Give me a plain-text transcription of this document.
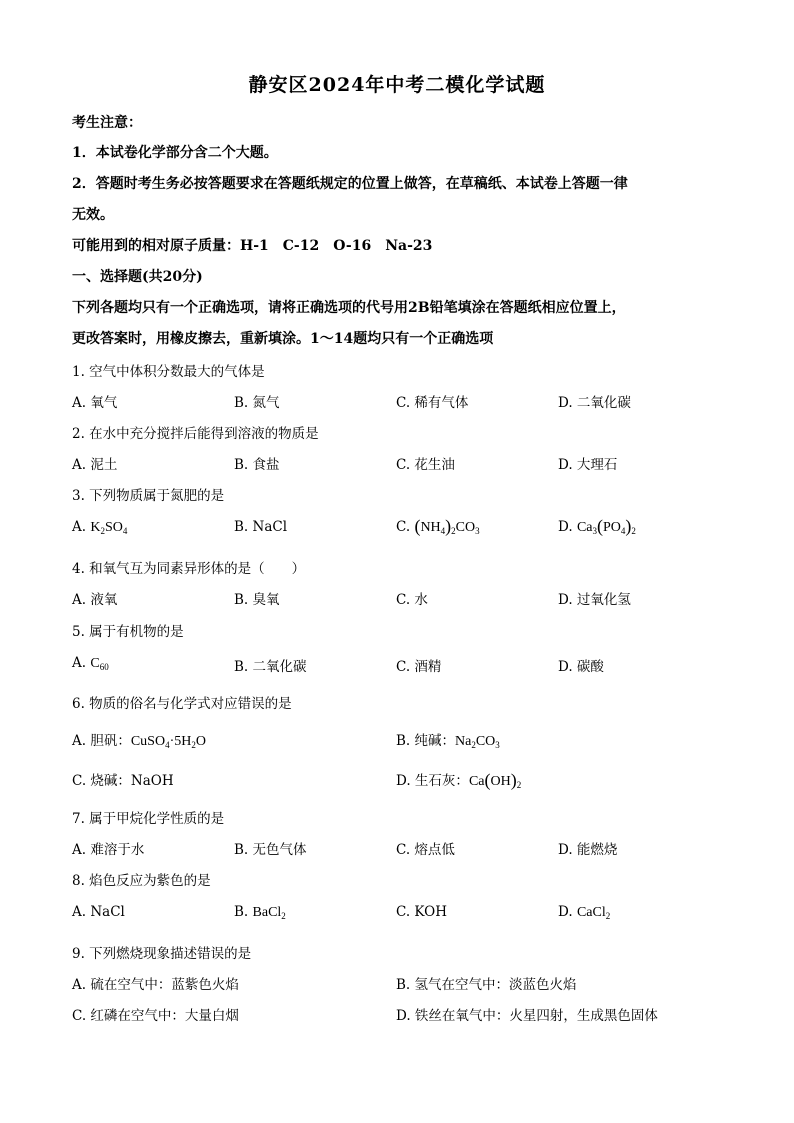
静安区2024年中考二模化学试题
考生注意：
1．本试卷化学部分含二个大题。
2．答题时考生务必按答题要求在答题纸规定的位置上做答，在草稿纸、本试卷上答题一律
无效。
可能用到的相对原子质量：H-1　C-12　O-16　Na-23
一、选择题(共20分)
下列各题均只有一个正确选项，请将正确选项的代号用2B铅笔填涂在答题纸相应位置上，
更改答案时，用橡皮擦去，重新填涂。1～14题均只有一个正确选项
1. 空气中体积分数最大的气体是
A. 氧气	B. 氮气	C. 稀有气体	D. 二氧化碳
2. 在水中充分搅拌后能得到溶液的物质是
A. 泥土	B. 食盐	C. 花生油	D. 大理石
3. 下列物质属于氮肥的是
A. $K_2SO_4$	B. NaCl	C. $(NH_4)_2CO_3$	D. $Ca_3(PO_4)_2$
4. 和氧气互为同素异形体的是（　　）
A. 液氧	B. 臭氧	C. 水	D. 过氧化氢
5. 属于有机物的是
A. $C_{60}$	B. 二氧化碳	C. 酒精	D. 碳酸
6. 物质的俗名与化学式对应错误的是
A. 胆矾：$CuSO_4\cdot 5H_2O$	B. 纯碱：$Na_2CO_3$
C. 烧碱：NaOH	D. 生石灰：$Ca(OH)_2$
7. 属于甲烷化学性质的是
A. 难溶于水	B. 无色气体	C. 熔点低	D. 能燃烧
8. 焰色反应为紫色的是
A. NaCl	B. BaCl$_2$	C. KOH	D. CaCl$_2$
9. 下列燃烧现象描述错误的是
A. 硫在空气中：蓝紫色火焰	B. 氢气在空气中：淡蓝色火焰
C. 红磷在空气中：大量白烟	D. 铁丝在氧气中：火星四射，生成黑色固体
